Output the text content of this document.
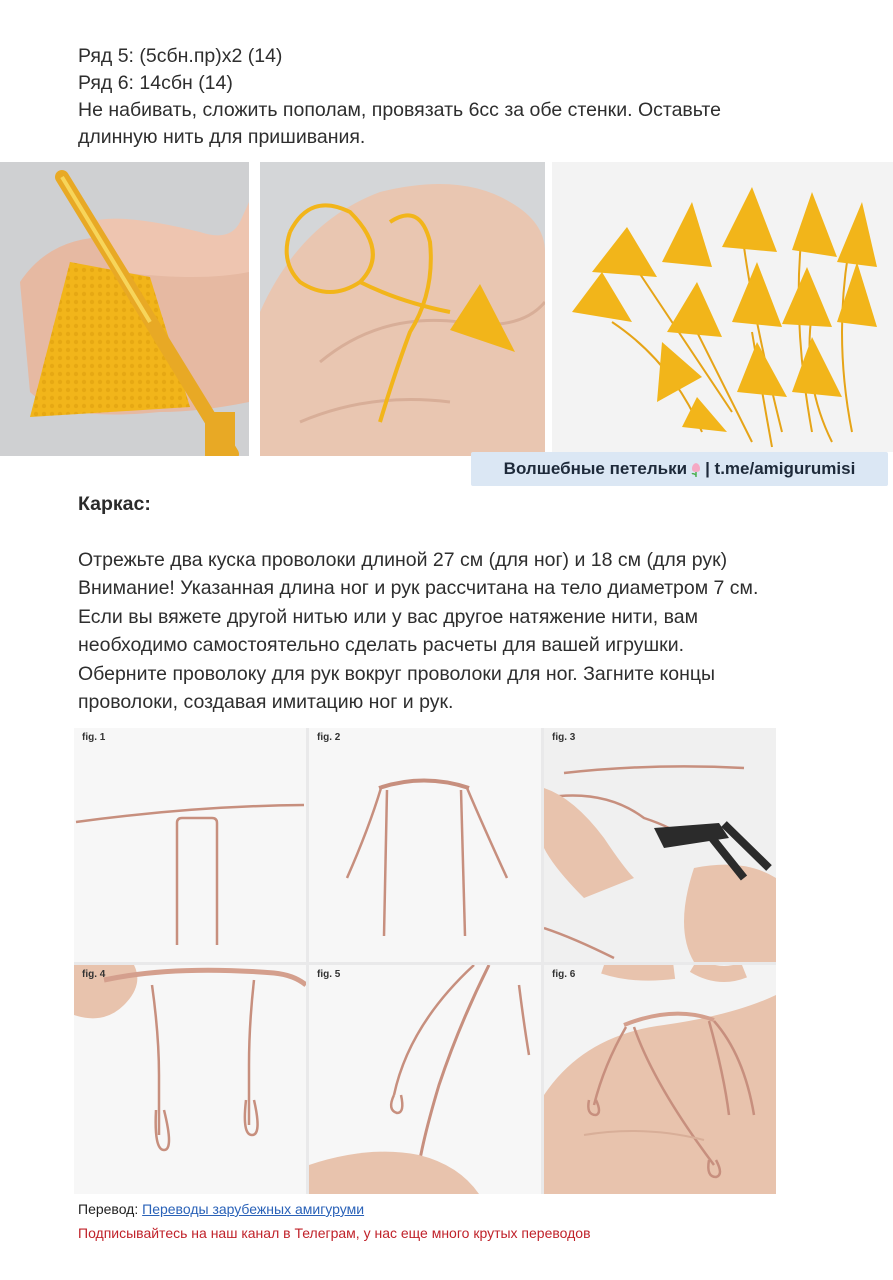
Ряд 5: (5сбн.пр)х2 (14)
Ряд 6: 14сбн (14)
Не набивать, сложить пополам, провязать 6сс за обе стенки. Оставьте
длинную нить для пришивания.
Волшебные петельки | t.me/amigurumisi
Каркас:
Отрежьте два куска проволоки длиной 27 см (для ног) и 18 см (для рук)
Внимание! Указанная длина ног и рук рассчитана на тело диаметром 7 см.
Если вы вяжете другой нитью или у вас другое натяжение нити, вам
необходимо самостоятельно сделать расчеты для вашей игрушки.
Оберните проволоку для рук вокруг проволоки для ног. Загните концы
проволоки, создавая имитацию ног и рук.
fig. 1	fig. 2	fig. 3
fig. 4	fig. 5	fig. 6
Перевод: Переводы зарубежных амигуруми
Подписывайтесь на наш канал в Телеграм, у нас еще много крутых переводов
